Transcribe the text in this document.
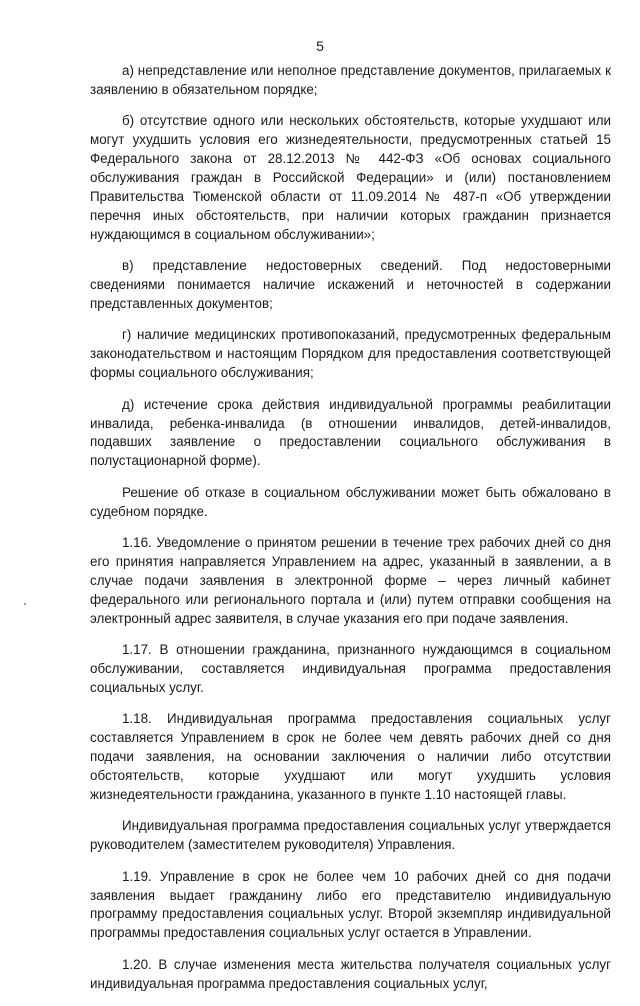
5

а) непредставление или неполное представление документов, прилагаемых к заявлению в обязательном порядке;

б) отсутствие одного или нескольких обстоятельств, которые ухудшают или могут ухудшить условия его жизнедеятельности, предусмотренных статьей 15 Федерального закона от 28.12.2013 № 442-ФЗ «Об основах социального обслуживания граждан в Российской Федерации» и (или) постановлением Правительства Тюменской области от 11.09.2014 № 487-п «Об утверждении перечня иных обстоятельств, при наличии которых гражданин признается нуждающимся в социальном обслуживании»;

в) представление недостоверных сведений. Под недостоверными сведениями понимается наличие искажений и неточностей в содержании представленных документов;

г) наличие медицинских противопоказаний, предусмотренных федеральным законодательством и настоящим Порядком для предоставления соответствующей формы социального обслуживания;

д) истечение срока действия индивидуальной программы реабилитации инвалида, ребенка-инвалида (в отношении инвалидов, детей-инвалидов, подавших заявление о предоставлении социального обслуживания в полустационарной форме).

Решение об отказе в социальном обслуживании может быть обжаловано в судебном порядке.

1.16. Уведомление о принятом решении в течение трех рабочих дней со дня его принятия направляется Управлением на адрес, указанный в заявлении, а в случае подачи заявления в электронной форме – через личный кабинет федерального или регионального портала и (или) путем отправки сообщения на электронный адрес заявителя, в случае указания его при подаче заявления.

1.17. В отношении гражданина, признанного нуждающимся в социальном обслуживании, составляется индивидуальная программа предоставления социальных услуг.

1.18. Индивидуальная программа предоставления социальных услуг составляется Управлением в срок не более чем девять рабочих дней со дня подачи заявления, на основании заключения о наличии либо отсутствии обстоятельств, которые ухудшают или могут ухудшить условия жизнедеятельности гражданина, указанного в пункте 1.10 настоящей главы.

Индивидуальная программа предоставления социальных услуг утверждается руководителем (заместителем руководителя) Управления.

1.19. Управление в срок не более чем 10 рабочих дней со дня подачи заявления выдает гражданину либо его представителю индивидуальную программу предоставления социальных услуг. Второй экземпляр индивидуальной программы предоставления социальных услуг остается в Управлении.

1.20. В случае изменения места жительства получателя социальных услуг индивидуальная программа предоставления социальных услуг,
